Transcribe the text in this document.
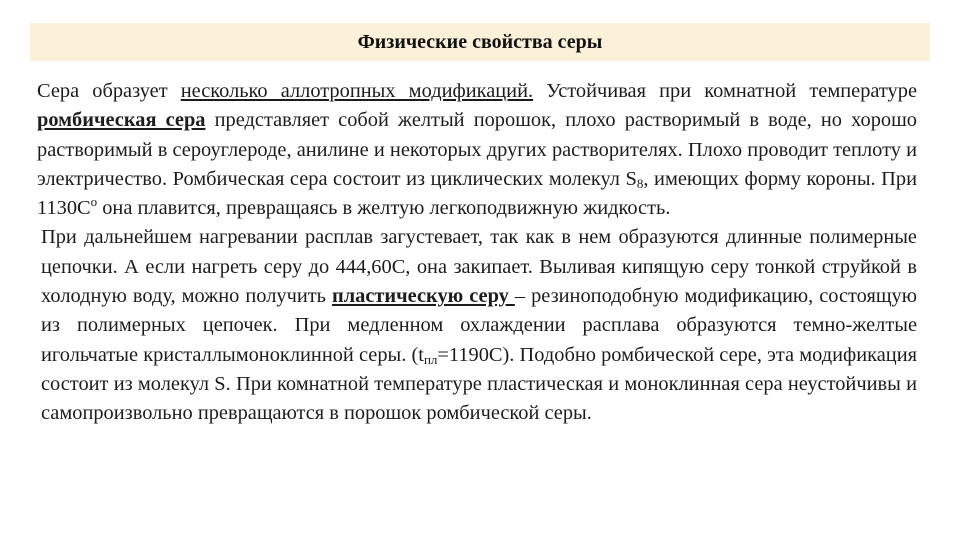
Физические свойства серы

Сера образует несколько аллотропных модификаций. Устойчивая при комнатной температуре ромбическая сера представляет собой желтый порошок, плохо растворимый в воде, но хорошо растворимый в сероуглероде, анилине и некоторых других растворителях. Плохо проводит теплоту и электричество. Ромбическая сера состоит из циклических молекул $S_8$, имеющих форму короны. При $1130C^o$ она плавится, превращаясь в желтую легкоподвижную жидкость.

При дальнейшем нагревании расплав загустевает, так как в нем образуются длинные полимерные цепочки. А если нагреть серу до 444,60С, она закипает. Выливая кипящую серу тонкой струйкой в холодную воду, можно получить пластическую серу – резиноподобную модификацию, состоящую из полимерных цепочек. При медленном охлаждении расплава образуются темно-желтые игольчатые кристаллымоноклинной серы. $(t_{пл}=1190С)$. Подобно ромбической сере, эта модификация состоит из молекул S. При комнатной температуре пластическая и моноклинная сера неустойчивы и самопроизвольно превращаются в порошок ромбической серы.
